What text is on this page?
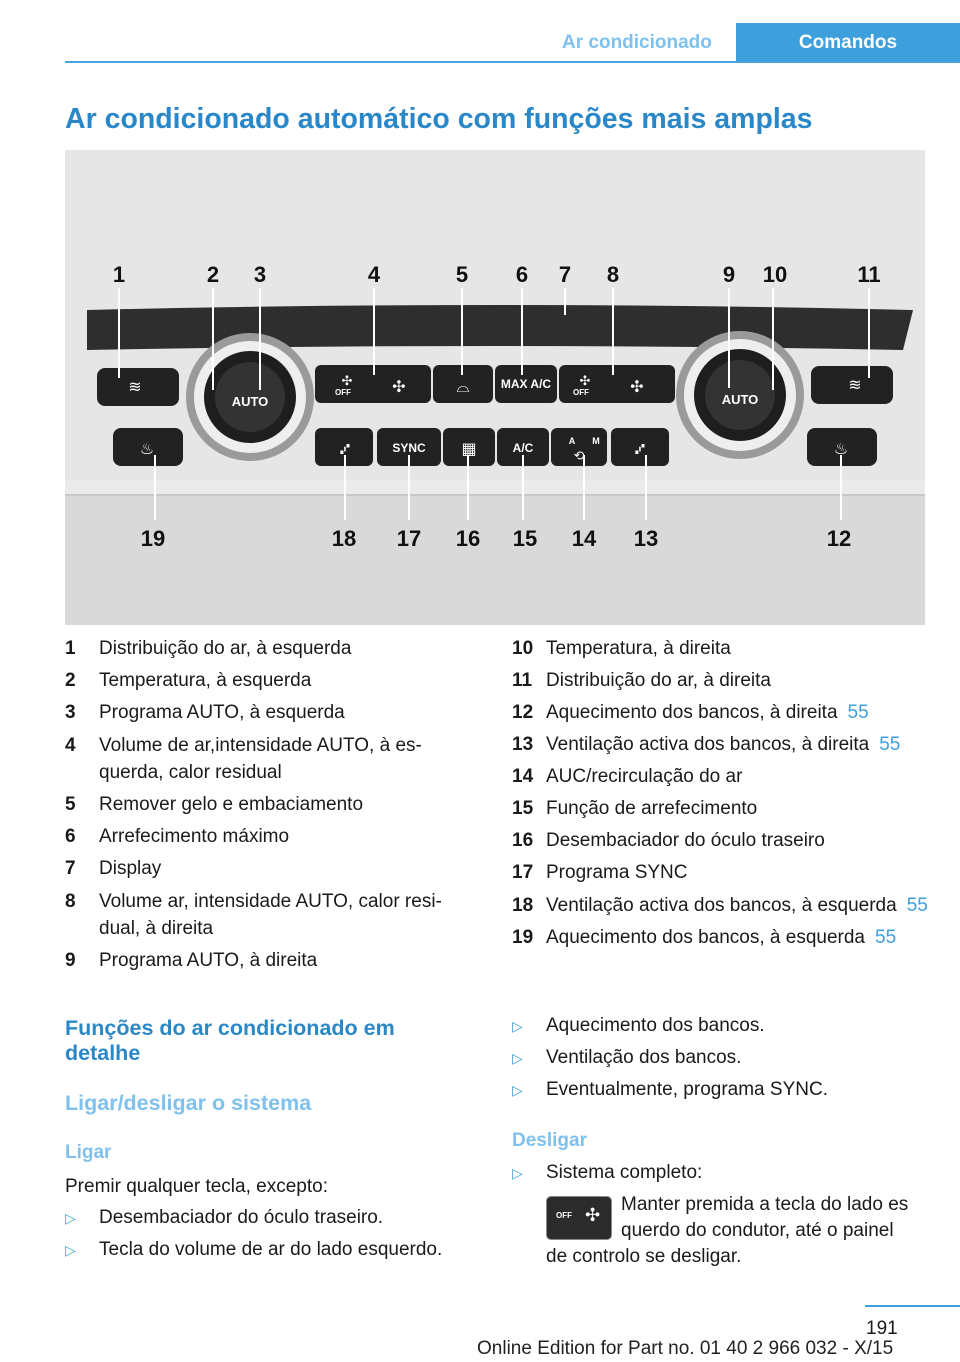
Ar condicionado	Comandos
Ar condicionado automático com funções mais amplas
AUTO	AUTO
OFF	OFF
MAX A/C
SYNC	A/C	A M
≋	✣ ✣	⌓	✣ ✣	≋
♨	⑇	▦	⟲	⑇	♨
1	2 3	4	5 6 7 8	9 10	11
19	18 17 16 15 14 13	12
1	Distribuição do ar, à esquerda
2	Temperatura, à esquerda
3	Programa AUTO, à esquerda
4	Volume de ar,intensidade AUTO, à esquerda, calor residual
5	Remover gelo e embaciamento
6	Arrefecimento máximo
7	Display
8	Volume ar, intensidade AUTO, calor residual, à direita
9	Programa AUTO, à direita
10 Temperatura, à direita
11 Distribuição do ar, à direita
12 Aquecimento dos bancos, à direita 55
13 Ventilação activa dos bancos, à direita 55
14 AUC/recirculação do ar
15 Função de arrefecimento
16 Desembaciador do óculo traseiro
17 Programa SYNC
18 Ventilação activa dos bancos, à esquerda 55
19 Aquecimento dos bancos, à esquerda 55
Funções do ar condicionado em detalhe
Ligar/desligar o sistema
Ligar
Premir qualquer tecla, excepto:
▷	Desembaciador do óculo traseiro.
▷	Tecla do volume de ar do lado esquerdo.
▷	Aquecimento dos bancos.
▷	Ventilação dos bancos.
▷	Eventualmente, programa SYNC.
Desligar
▷	Sistema completo:
OFF ✣
Manter premida a tecla do lado es
querdo do condutor, até o painel
de controlo se desligar.
191
Online Edition for Part no. 01 40 2 966 032 - X/15
